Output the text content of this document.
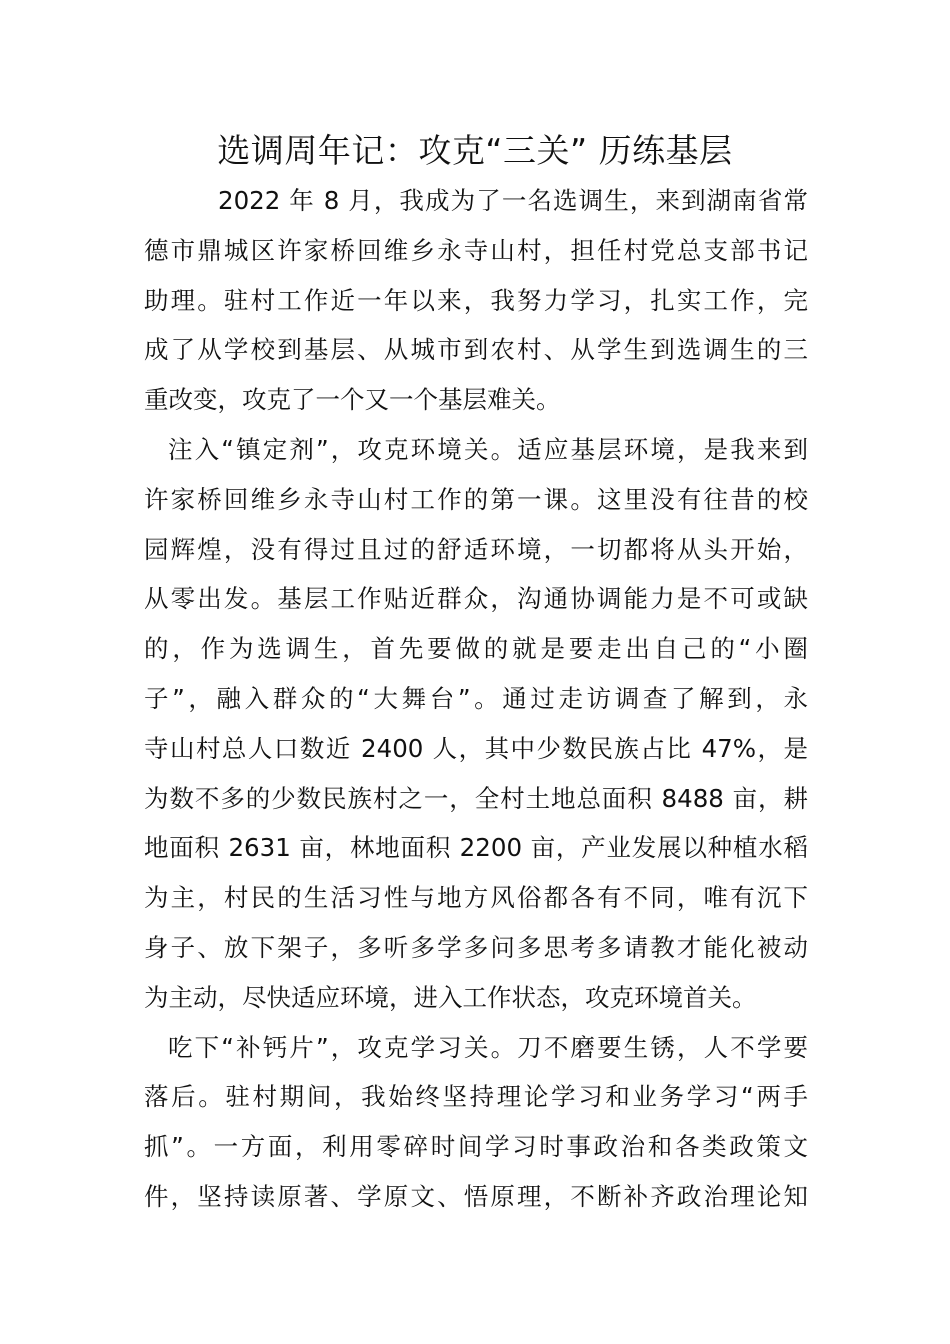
选调周年记：攻克“三关” 历练基层
2022 年 8 月，我成为了一名选调生，来到湖南省常
德市鼎城区许家桥回维乡永寺山村，担任村党总支部书记
助理。驻村工作近一年以来，我努力学习，扎实工作，完
成了从学校到基层、从城市到农村、从学生到选调生的三
重改变，攻克了一个又一个基层难关。
注入“镇定剂”，攻克环境关。适应基层环境，是我来到
许家桥回维乡永寺山村工作的第一课。这里没有往昔的校
园辉煌，没有得过且过的舒适环境，一切都将从头开始，
从零出发。基层工作贴近群众，沟通协调能力是不可或缺
的，作为选调生，首先要做的就是要走出自己的“小圈
子”，融入群众的“大舞台”。通过走访调查了解到，永
寺山村总人口数近 2400 人，其中少数民族占比 47%，是
为数不多的少数民族村之一，全村土地总面积 8488 亩，耕
地面积 2631 亩，林地面积 2200 亩，产业发展以种植水稻
为主，村民的生活习性与地方风俗都各有不同，唯有沉下
身子、放下架子，多听多学多问多思考多请教才能化被动
为主动，尽快适应环境，进入工作状态，攻克环境首关。
吃下“补钙片”，攻克学习关。刀不磨要生锈，人不学要
落后。驻村期间，我始终坚持理论学习和业务学习“两手
抓”。一方面，利用零碎时间学习时事政治和各类政策文
件，坚持读原著、学原文、悟原理，不断补齐政治理论知
